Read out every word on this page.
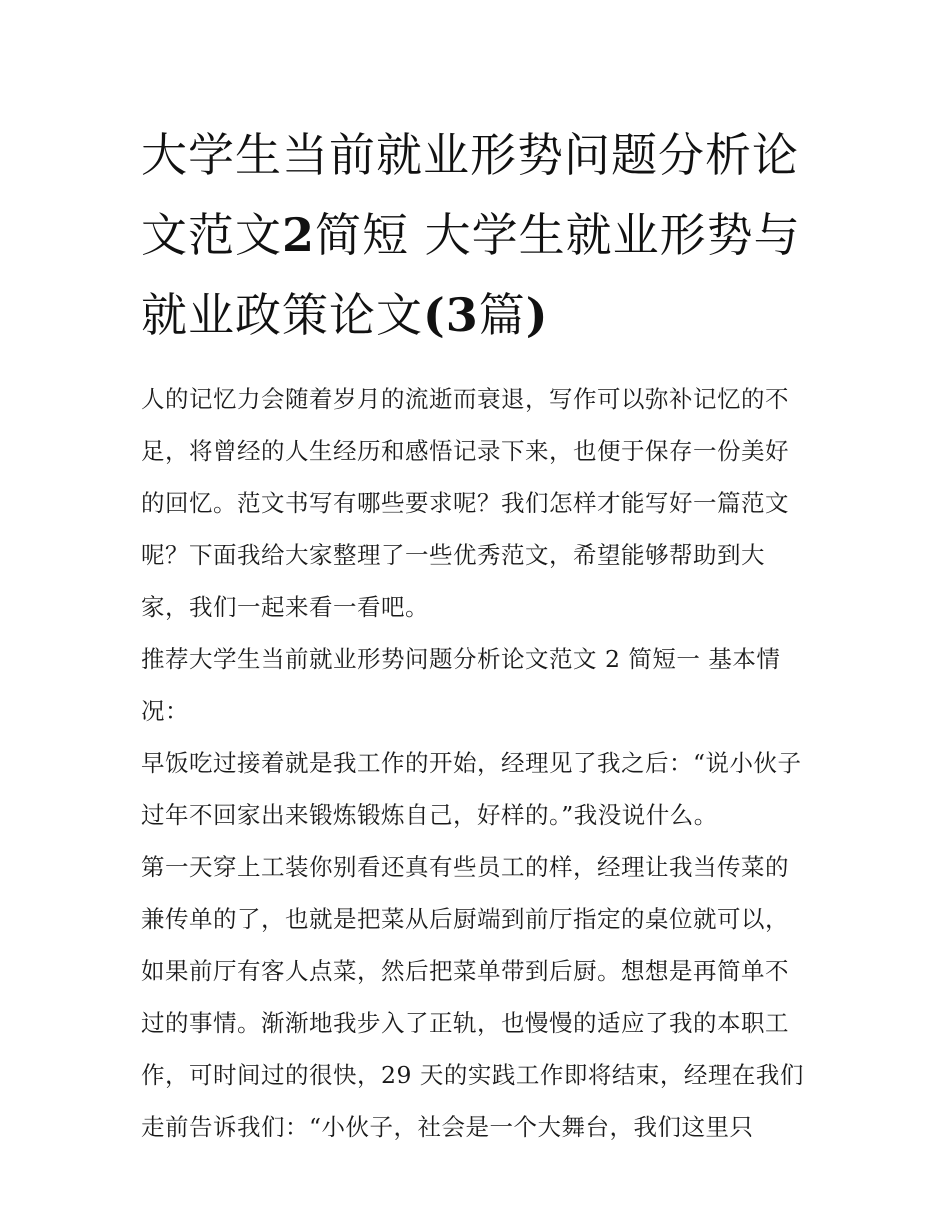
大学生当前就业形势问题分析论文范文2简短 大学生就业形势与就业政策论文(3篇)

人的记忆力会随着岁月的流逝而衰退，写作可以弥补记忆的不足，将曾经的人生经历和感悟记录下来，也便于保存一份美好的回忆。范文书写有哪些要求呢？我们怎样才能写好一篇范文呢？下面我给大家整理了一些优秀范文，希望能够帮助到大家，我们一起来看一看吧。

推荐大学生当前就业形势问题分析论文范文 2 简短一 基本情况：

早饭吃过接着就是我工作的开始，经理见了我之后：“说小伙子过年不回家出来锻炼锻炼自己，好样的。”我没说什么。

第一天穿上工装你别看还真有些员工的样，经理让我当传菜的兼传单的了，也就是把菜从后厨端到前厅指定的桌位就可以，如果前厅有客人点菜，然后把菜单带到后厨。想想是再简单不过的事情。渐渐地我步入了正轨，也慢慢的适应了我的本职工作，可时间过的很快，29 天的实践工作即将结束，经理在我们走前告诉我们：“小伙子，社会是一个大舞台，我们这里只
